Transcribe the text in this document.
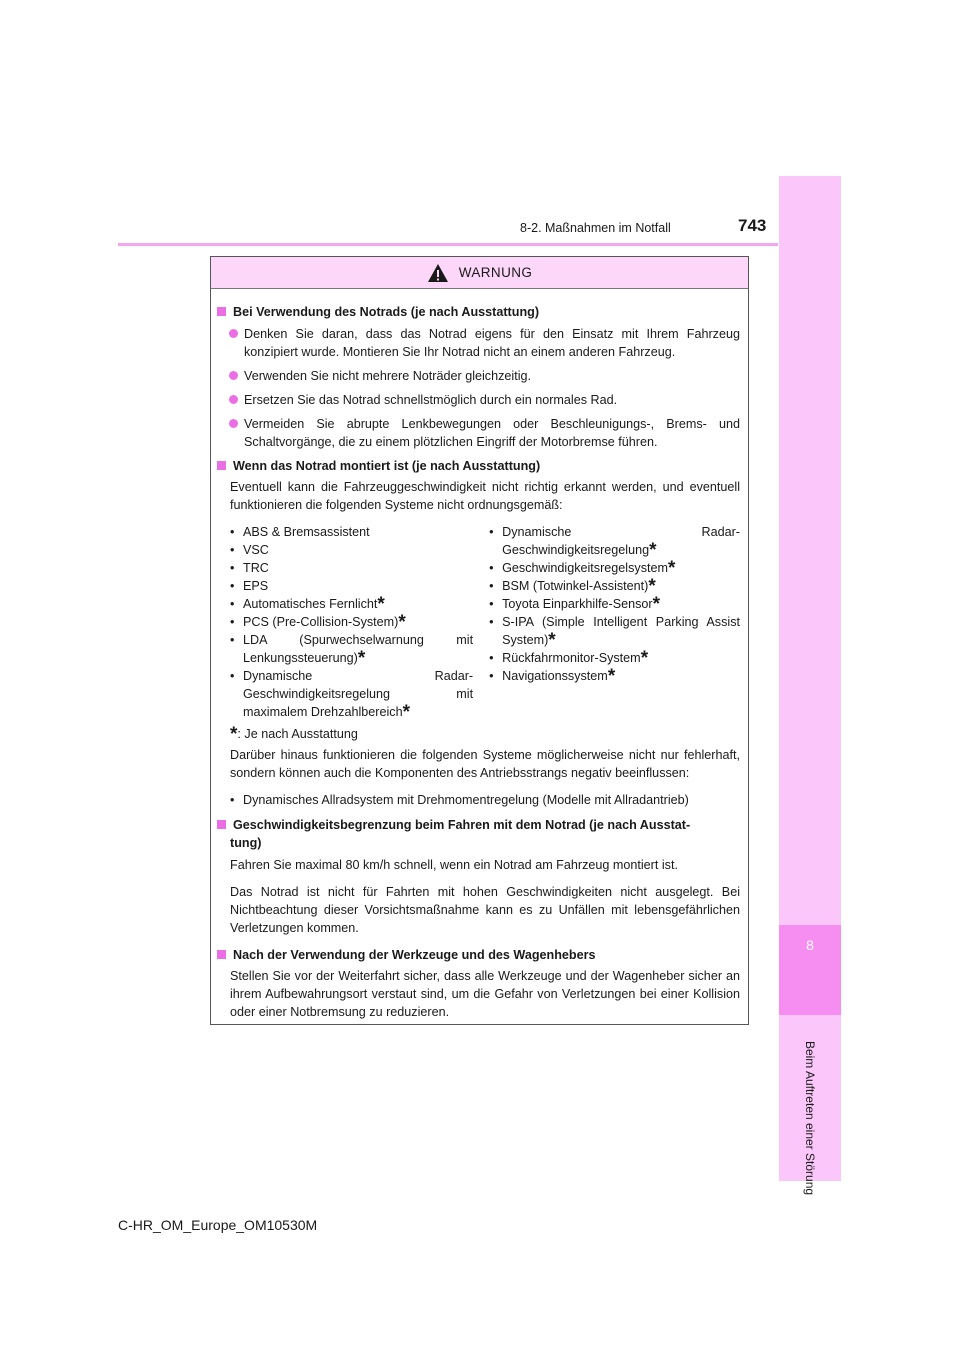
8-2. Maßnahmen im Notfall	743
8
Beim Auftreten einer Störung
WARNUNG
Bei Verwendung des Notrads (je nach Ausstattung)
Denken Sie daran, dass das Notrad eigens für den Einsatz mit Ihrem Fahrzeug konzipiert wurde. Montieren Sie Ihr Notrad nicht an einem anderen Fahrzeug.
Verwenden Sie nicht mehrere Noträder gleichzeitig.
Ersetzen Sie das Notrad schnellstmöglich durch ein normales Rad.
Vermeiden Sie abrupte Lenkbewegungen oder Beschleunigungs-, Brems- und Schaltvorgänge, die zu einem plötzlichen Eingriff der Motorbremse führen.
Wenn das Notrad montiert ist (je nach Ausstattung)
Eventuell kann die Fahrzeuggeschwindigkeit nicht richtig erkannt werden, und eventuell funktionieren die folgenden Systeme nicht ordnungsgemäß:
• ABS & Bremsassistent
• VSC
• TRC
• EPS
• Automatisches Fernlicht*
• PCS (Pre-Collision-System)*
• LDA (Spurwechselwarnung mit Lenkungssteuerung)*
• Dynamische Radar-Geschwindigkeitsregelung mit maximalem Drehzahlbereich*
• Dynamische Radar-Geschwindigkeitsregelung*
• Geschwindigkeitsregelsystem*
• BSM (Totwinkel-Assistent)*
• Toyota Einparkhilfe-Sensor*
• S-IPA (Simple Intelligent Parking Assist System)*
• Rückfahrmonitor-System*
• Navigationssystem*
*: Je nach Ausstattung
Darüber hinaus funktionieren die folgenden Systeme möglicherweise nicht nur fehlerhaft, sondern können auch die Komponenten des Antriebsstrangs negativ beeinflussen:
• Dynamisches Allradsystem mit Drehmomentregelung (Modelle mit Allradantrieb)
Geschwindigkeitsbegrenzung beim Fahren mit dem Notrad (je nach Ausstat-
tung)
Fahren Sie maximal 80 km/h schnell, wenn ein Notrad am Fahrzeug montiert ist.
Das Notrad ist nicht für Fahrten mit hohen Geschwindigkeiten nicht ausgelegt. Bei Nichtbeachtung dieser Vorsichtsmaßnahme kann es zu Unfällen mit lebensgefährlichen Verletzungen kommen.
Nach der Verwendung der Werkzeuge und des Wagenhebers
Stellen Sie vor der Weiterfahrt sicher, dass alle Werkzeuge und der Wagenheber sicher an ihrem Aufbewahrungsort verstaut sind, um die Gefahr von Verletzungen bei einer Kollision oder einer Notbremsung zu reduzieren.
C-HR_OM_Europe_OM10530M
